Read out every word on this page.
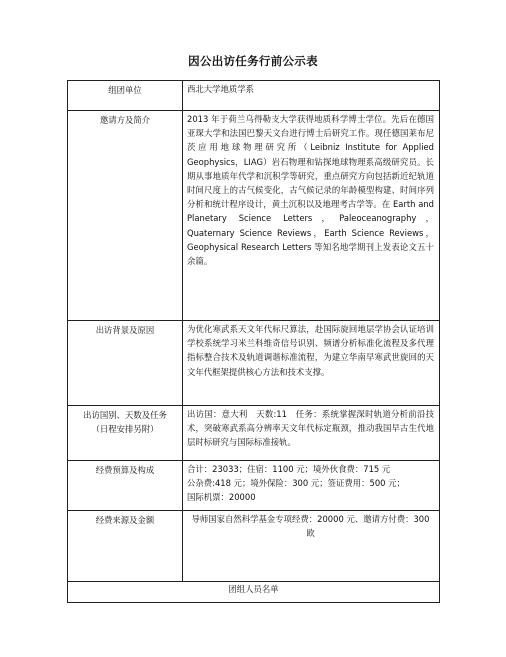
因公出访任务行前公示表
组团单位	西北大学地质学系

邀请方及简介	2013 年于荷兰乌得勒支大学获得地质科学博士学位。先后在德国亚琛大学和法国巴黎天文台进行博士后研究工作。现任德国莱布尼茨应用地球物理研究所（Leibniz Institute for Applied Geophysics，LIAG）岩石物理和钻探地球物理系高级研究员。长期从事地质年代学和沉积学等研究，重点研究方向包括新近纪轨道时间尺度上的古气候变化，古气候记录的年龄模型构建、时间序列分析和统计程序设计，黄土沉积以及地理考古学等。在 Earth and Planetary Science Letters，Paleoceanography，Quaternary Science Reviews，Earth Science Reviews，Geophysical Research Letters 等知名地学期刊上发表论文五十余篇。

出访背景及原因	为优化寒武系天文年代标尺算法，赴国际旋回地层学协会认证培训学校系统学习米兰科维奇信号识别、频谱分析标准化流程及多代理指标整合技术及轨道调谐标准流程，为建立华南早寒武世旋回的天文年代框架提供核心方法和技术支撑。

出访国别、天数及任务
（日程安排另附）	出访国：意大利　天数:11　任务：系统掌握深时轨道分析前沿技术，突破寒武系高分辨率天文年代标定瓶颈，推动我国早古生代地层时标研究与国际标准接轨。

经费预算及构成	合计：23033；住宿：1100 元；境外伙食费：715 元
公杂费:418 元；境外保险：300 元；签证费用：500 元；
国际机票：20000

经费来源及金额	导师国家自然科学基金专项经费：20000 元、邀请方付费：300 欧

团组人员名单	
